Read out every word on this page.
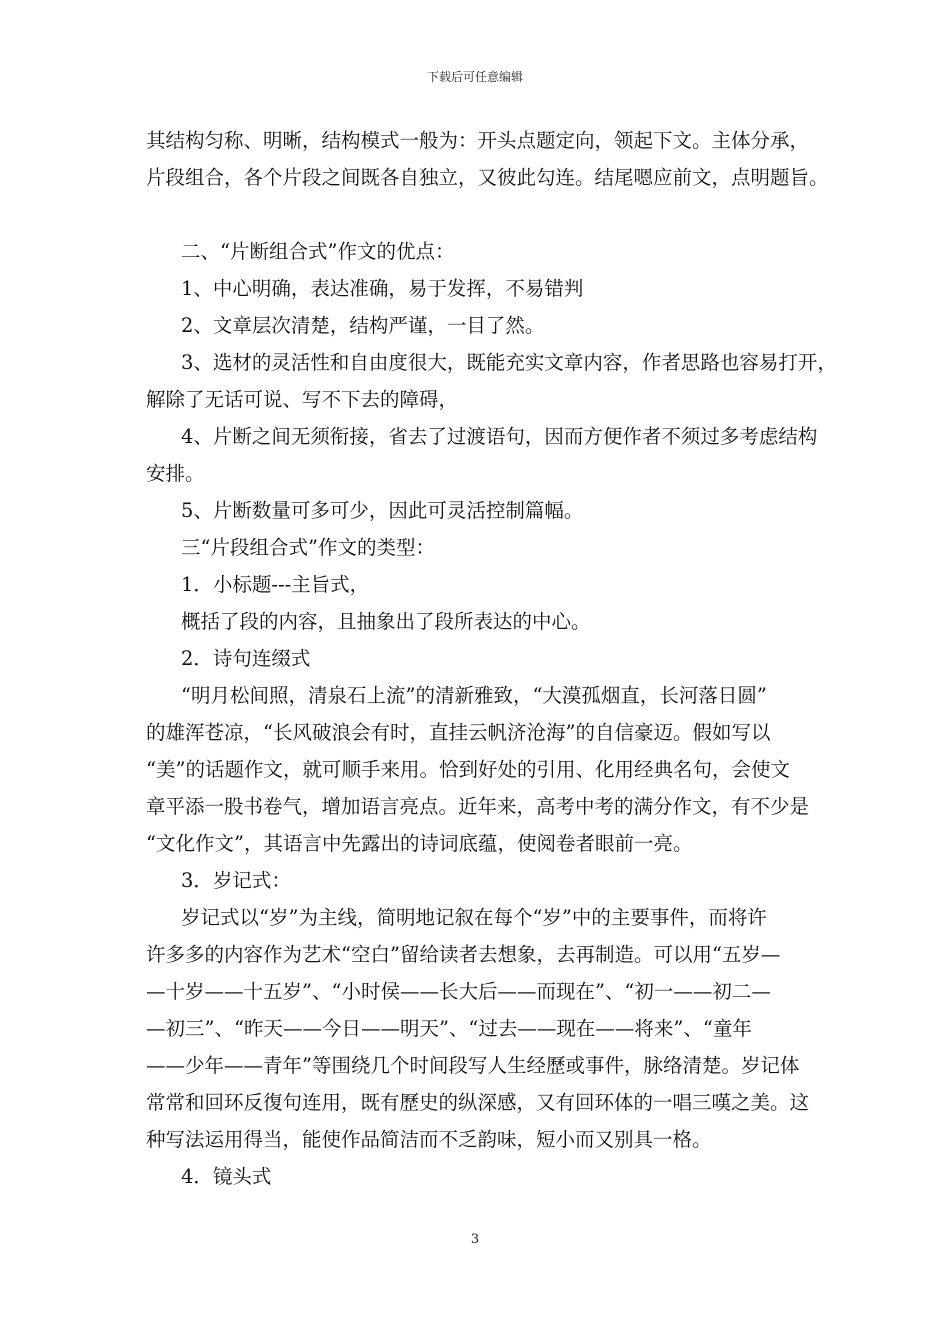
下载后可任意编辑
其结构匀称、明晰，结构模式一般为：开头点题定向，领起下文。主体分承，
片段组合，各个片段之间既各自独立，又彼此勾连。结尾嗯应前文，点明题旨。
二、“片断组合式”作文的优点：
1、中心明确，表达准确，易于发挥，不易错判
2、文章层次清楚，结构严谨，一目了然。
3、选材的灵活性和自由度很大，既能充实文章内容，作者思路也容易打开，
解除了无话可说、写不下去的障碍，
4、片断之间无须衔接，省去了过渡语句，因而方便作者不须过多考虑结构
安排。
5、片断数量可多可少，因此可灵活控制篇幅。
三“片段组合式”作文的类型：
1．小标题---主旨式，
概括了段的内容，且抽象出了段所表达的中心。
2．诗句连缀式
“明月松间照，清泉石上流”的清新雅致，“大漠孤烟直，长河落日圆”
的雄浑苍凉，“长风破浪会有时，直挂云帆济沧海”的自信豪迈。假如写以
“美”的话题作文，就可顺手来用。恰到好处的引用、化用经典名句，会使文
章平添一股书卷气，增加语言亮点。近年来，高考中考的满分作文，有不少是
“文化作文”，其语言中先露出的诗词底蕴，使阅卷者眼前一亮。
3．岁记式：
岁记式以“岁”为主线，简明地记叙在每个“岁”中的主要事件，而将许
许多多的内容作为艺术“空白”留给读者去想象，去再制造。可以用“五岁—
—十岁——十五岁”、“小时侯——长大后——而现在”、“初一——初二—
—初三”、“昨天——今日——明天”、“过去——现在——将来”、“童年
——少年——青年”等围绕几个时间段写人生经歷或事件，脉络清楚。岁记体
常常和回环反復句连用，既有歷史的纵深感，又有回环体的一唱三嘆之美。这
种写法运用得当，能使作品简洁而不乏韵味，短小而又别具一格。
4．镜头式
3
